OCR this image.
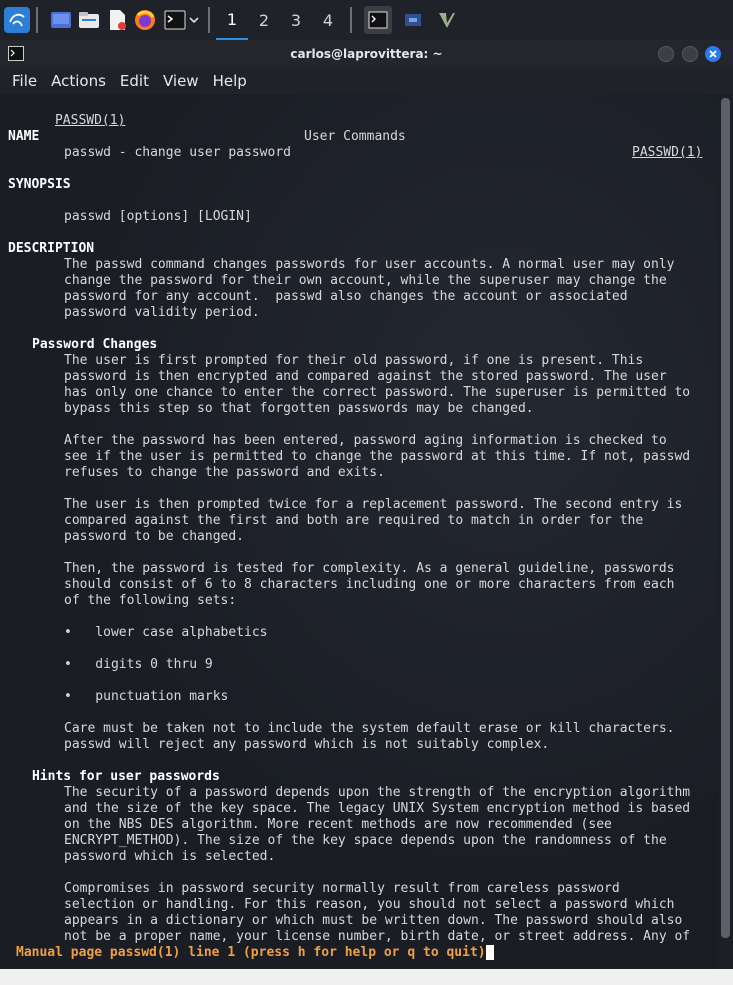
1	2	3	4
carlos@laprovittera: ~
File Actions Edit View Help

PASSWD(1)

User Commands

PASSWD(1)

NAME
passwd - change user password
SYNOPSIS
passwd [options] [LOGIN]
DESCRIPTION
The passwd command changes passwords for user accounts. A normal user may only
change the password for their own account, while the superuser may change the
password for any account.  passwd also changes the account or associated
password validity period.
Password Changes
The user is first prompted for their old password, if one is present. This
password is then encrypted and compared against the stored password. The user
has only one chance to enter the correct password. The superuser is permitted to
bypass this step so that forgotten passwords may be changed.
After the password has been entered, password aging information is checked to
see if the user is permitted to change the password at this time. If not, passwd
refuses to change the password and exits.
The user is then prompted twice for a replacement password. The second entry is
compared against the first and both are required to match in order for the
password to be changed.
Then, the password is tested for complexity. As a general guideline, passwords
should consist of 6 to 8 characters including one or more characters from each
of the following sets:
•   lower case alphabetics
•   digits 0 thru 9
•   punctuation marks
Care must be taken not to include the system default erase or kill characters.
passwd will reject any password which is not suitably complex.
Hints for user passwords
The security of a password depends upon the strength of the encryption algorithm
and the size of the key space. The legacy UNIX System encryption method is based
on the NBS DES algorithm. More recent methods are now recommended (see
ENCRYPT_METHOD). The size of the key space depends upon the randomness of the
password which is selected.
Compromises in password security normally result from careless password
selection or handling. For this reason, you should not select a password which
appears in a dictionary or which must be written down. The password should also
not be a proper name, your license number, birth date, or street address. Any of
Manual page passwd(1) line 1 (press h for help or q to quit)
